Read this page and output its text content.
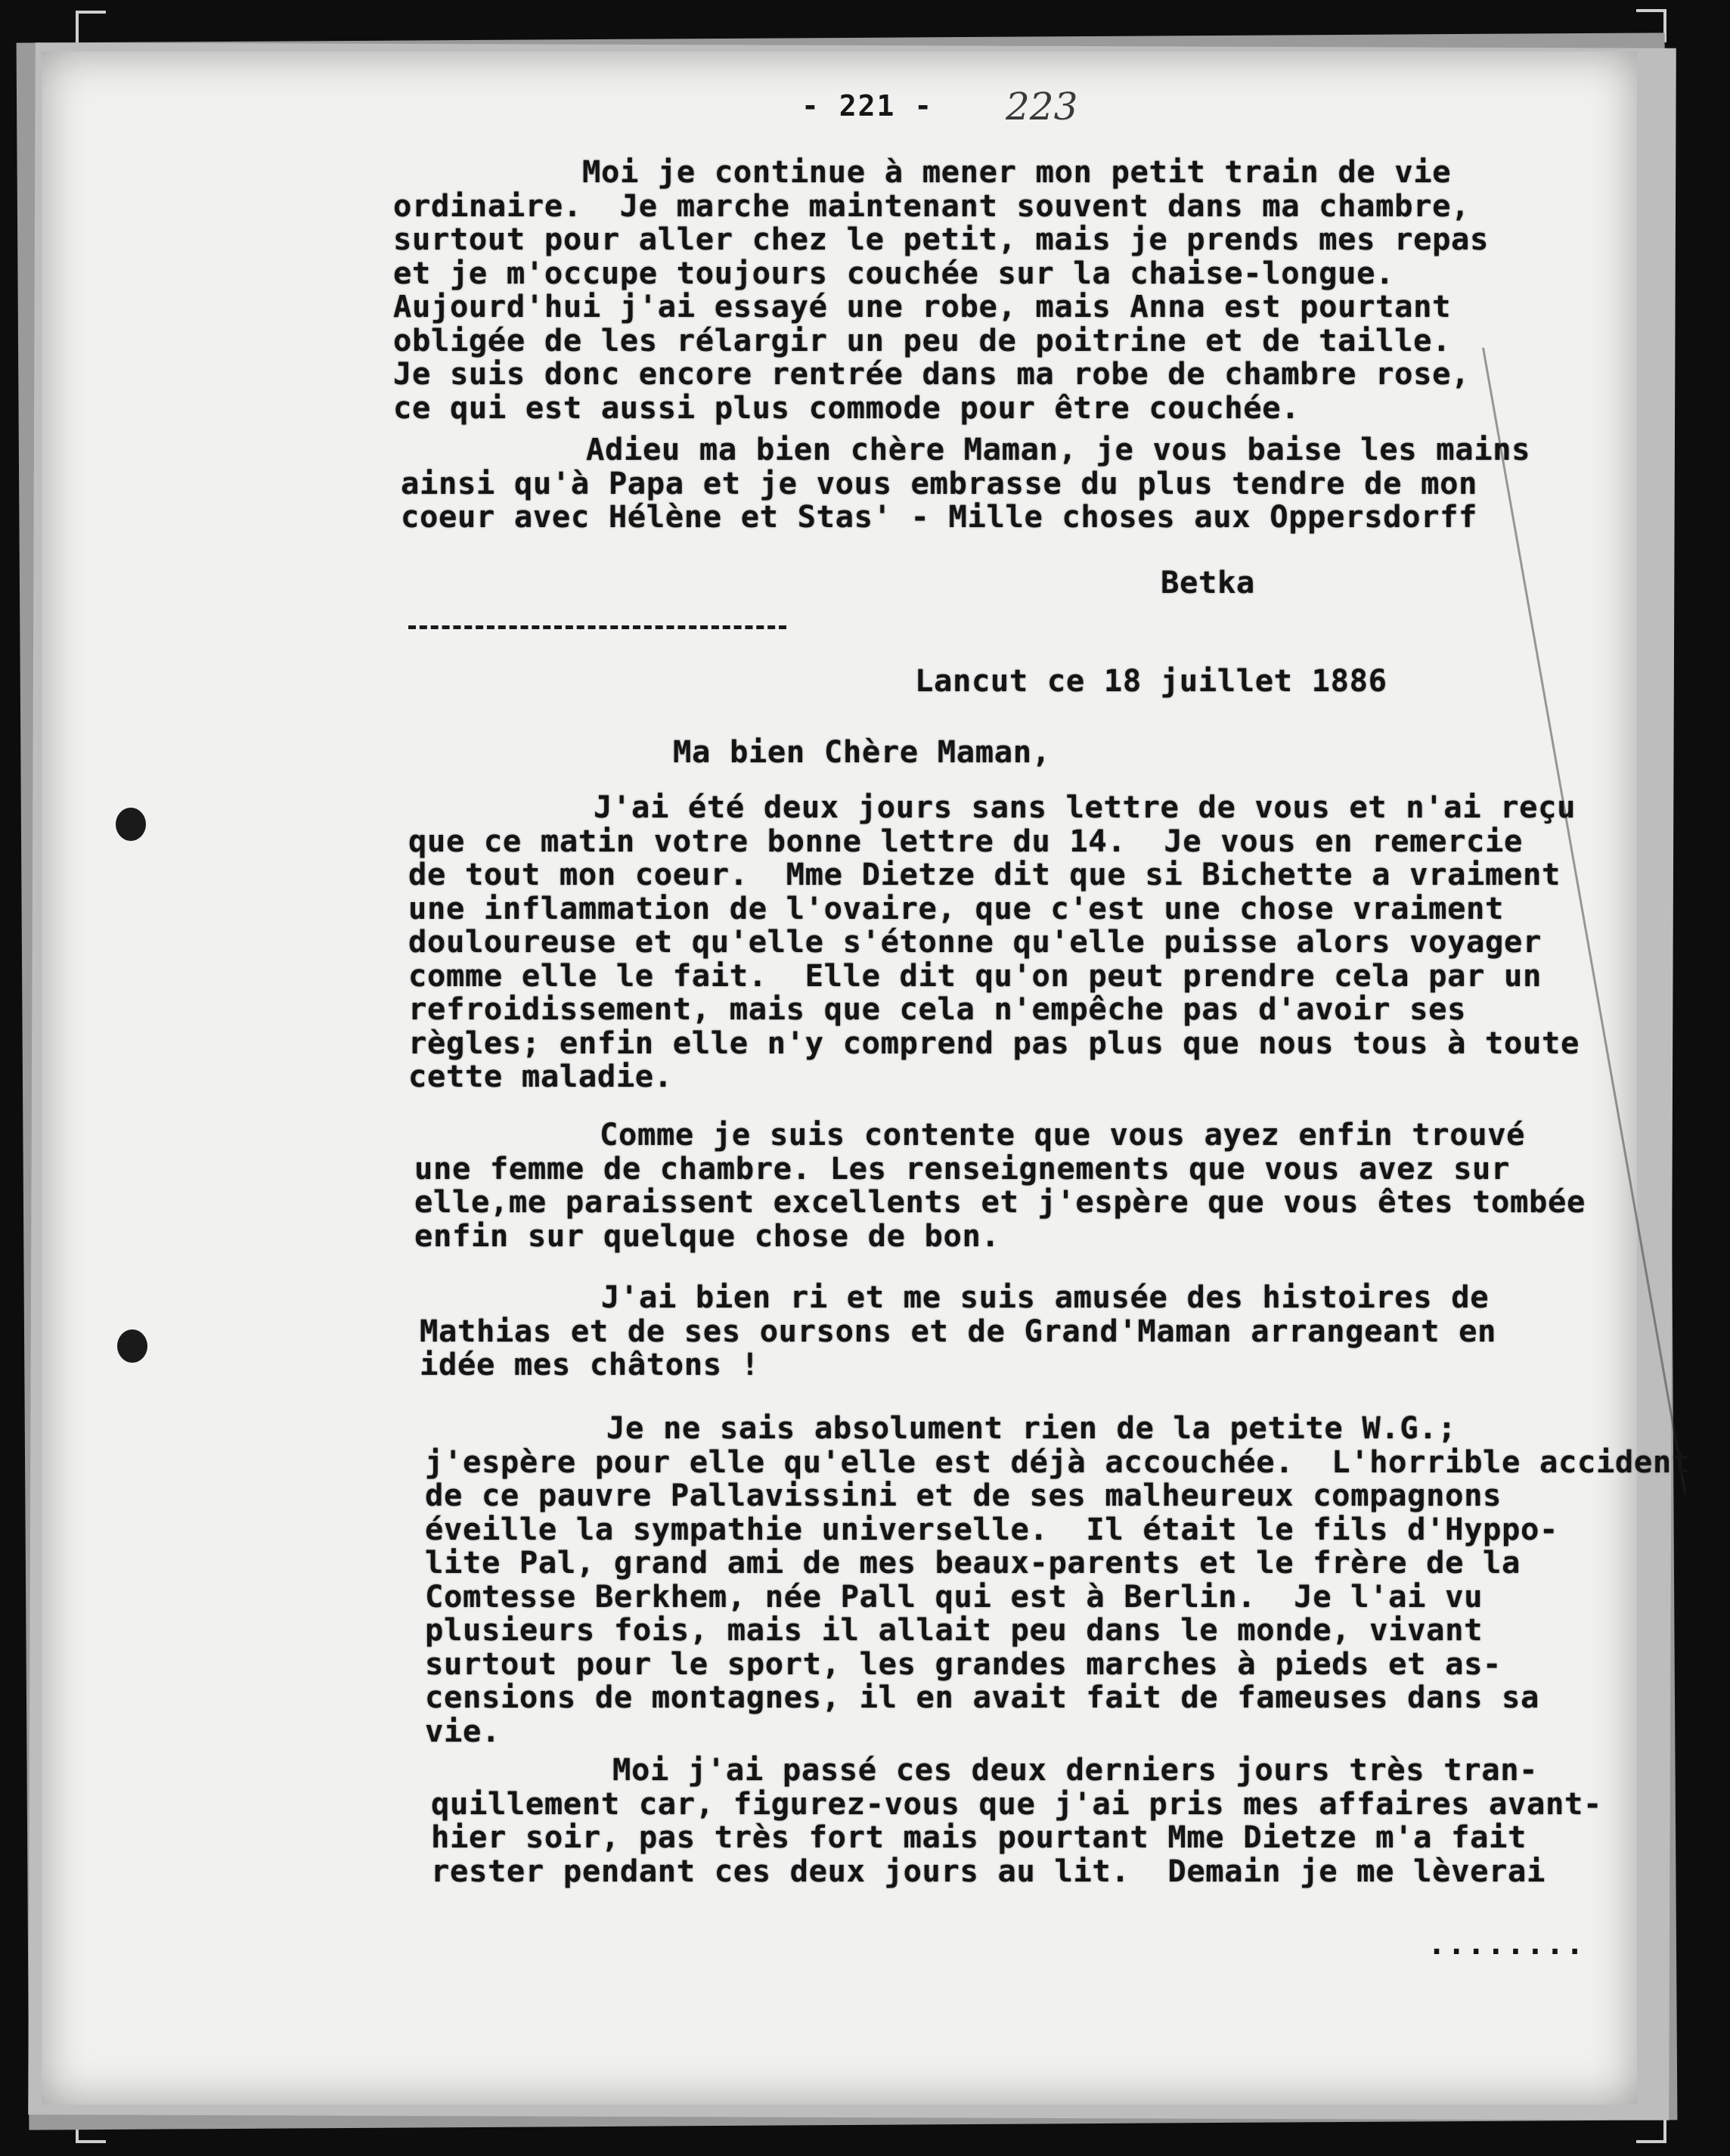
- 221 - 223

Moi je continue à mener mon petit train de vie
ordinaire.  Je marche maintenant souvent dans ma chambre,
surtout pour aller chez le petit, mais je prends mes repas
et je m'occupe toujours couchée sur la chaise-longue.
Aujourd'hui j'ai essayé une robe, mais Anna est pourtant
obligée de les rélargir un peu de poitrine et de taille.
Je suis donc encore rentrée dans ma robe de chambre rose,
ce qui est aussi plus commode pour être couchée.

Adieu ma bien chère Maman, je vous baise les mains
ainsi qu'à Papa et je vous embrasse du plus tendre de mon
coeur avec Hélène et Stas' - Mille choses aux Oppersdorff

Betka

Lancut ce 18 juillet 1886

Ma bien Chère Maman,

J'ai été deux jours sans lettre de vous et n'ai reçu
que ce matin votre bonne lettre du 14.  Je vous en remercie
de tout mon coeur.  Mme Dietze dit que si Bichette a vraiment
une inflammation de l'ovaire, que c'est une chose vraiment
douloureuse et qu'elle s'étonne qu'elle puisse alors voyager
comme elle le fait.  Elle dit qu'on peut prendre cela par un
refroidissement, mais que cela n'empêche pas d'avoir ses
règles; enfin elle n'y comprend pas plus que nous tous à toute
cette maladie.

Comme je suis contente que vous ayez enfin trouvé
une femme de chambre. Les renseignements que vous avez sur
elle,me paraissent excellents et j'espère que vous êtes tombée
enfin sur quelque chose de bon.

J'ai bien ri et me suis amusée des histoires de
Mathias et de ses oursons et de Grand'Maman arrangeant en
idée mes châtons !

Je ne sais absolument rien de la petite W.G.;
j'espère pour elle qu'elle est déjà accouchée.  L'horrible accident
de ce pauvre Pallavissini et de ses malheureux compagnons
éveille la sympathie universelle.  Il était le fils d'Hyppo-
lite Pal, grand ami de mes beaux-parents et le frère de la
Comtesse Berkhem, née Pall qui est à Berlin.  Je l'ai vu
plusieurs fois, mais il allait peu dans le monde, vivant
surtout pour le sport, les grandes marches à pieds et as-
censions de montagnes, il en avait fait de fameuses dans sa
vie.

Moi j'ai passé ces deux derniers jours très tran-
quillement car, figurez-vous que j'ai pris mes affaires avant-
hier soir, pas très fort mais pourtant Mme Dietze m'a fait
rester pendant ces deux jours au lit.  Demain je me lèverai

........
